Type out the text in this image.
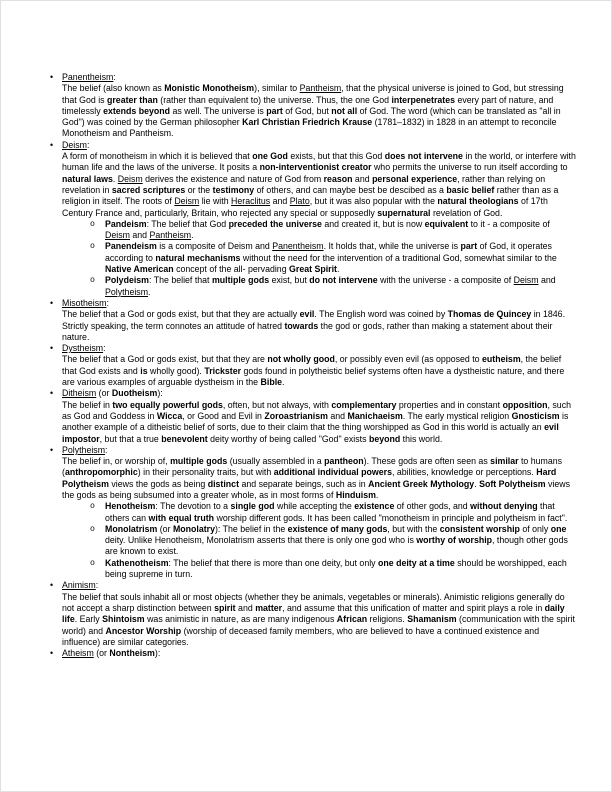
• Panentheism:
The belief (also known as Monistic Monotheism), similar to Pantheism, that the physical universe is joined to God, but stressing that God is greater than (rather than equivalent to) the universe. Thus, the one God interpenetrates every part of nature, and timelessly extends beyond as well. The universe is part of God, but not all of God. The word (which can be translated as "all in God") was coined by the German philosopher Karl Christian Friedrich Krause (1781–1832) in 1828 in an attempt to reconcile Monotheism and Pantheism.
• Deism:
A form of monotheism in which it is believed that one God exists, but that this God does not intervene in the world, or interfere with human life and the laws of the universe. It posits a non-interventionist creator who permits the universe to run itself according to natural laws. Deism derives the existence and nature of God from reason and personal experience, rather than relying on revelation in sacred scriptures or the testimony of others, and can maybe best be descibed as a basic belief rather than as a religion in itself. The roots of Deism lie with Heraclitus and Plato, but it was also popular with the natural theologians of 17th Century France and, particularly, Britain, who rejected any special or supposedly supernatural revelation of God.
o Pandeism: The belief that God preceded the universe and created it, but is now equivalent to it - a composite of Deism and Pantheism.
o Panendeism is a composite of Deism and Panentheism. It holds that, while the universe is part of God, it operates according to natural mechanisms without the need for the intervention of a traditional God, somewhat similar to the Native American concept of the all- pervading Great Spirit.
o Polydeism: The belief that multiple gods exist, but do not intervene with the universe - a composite of Deism and Polytheism.
• Misotheism:
The belief that a God or gods exist, but that they are actually evil. The English word was coined by Thomas de Quincey in 1846. Strictly speaking, the term connotes an attitude of hatred towards the god or gods, rather than making a statement about their nature.
• Dystheism:
The belief that a God or gods exist, but that they are not wholly good, or possibly even evil (as opposed to eutheism, the belief that God exists and is wholly good). Trickster gods found in polytheistic belief systems often have a dystheistic nature, and there are various examples of arguable dystheism in the Bible.
• Ditheism (or Duotheism):
The belief in two equally powerful gods, often, but not always, with complementary properties and in constant opposition, such as God and Goddess in Wicca, or Good and Evil in Zoroastrianism and Manichaeism. The early mystical religion Gnosticism is another example of a ditheistic belief of sorts, due to their claim that the thing worshipped as God in this world is actually an evil impostor, but that a true benevolent deity worthy of being called "God" exists beyond this world.
• Polytheism:
The belief in, or worship of, multiple gods (usually assembled in a pantheon). These gods are often seen as similar to humans (anthropomorphic) in their personality traits, but with additional individual powers, abilities, knowledge or perceptions. Hard Polytheism views the gods as being distinct and separate beings, such as in Ancient Greek Mythology. Soft Polytheism views the gods as being subsumed into a greater whole, as in most forms of Hinduism.
o Henotheism: The devotion to a single god while accepting the existence of other gods, and without denying that others can with equal truth worship different gods. It has been called "monotheism in principle and polytheism in fact".
o Monolatrism (or Monolatry): The belief in the existence of many gods, but with the consistent worship of only one deity. Unlike Henotheism, Monolatrism asserts that there is only one god who is worthy of worship, though other gods are known to exist.
o Kathenotheism: The belief that there is more than one deity, but only one deity at a time should be worshipped, each being supreme in turn.
• Animism:
The belief that souls inhabit all or most objects (whether they be animals, vegetables or minerals). Animistic religions generally do not accept a sharp distinction between spirit and matter, and assume that this unification of matter and spirit plays a role in daily life. Early Shintoism was animistic in nature, as are many indigenous African religions. Shamanism (communication with the spirit world) and Ancestor Worship (worship of deceased family members, who are believed to have a continued existence and influence) are similar categories.
• Atheism (or Nontheism):
